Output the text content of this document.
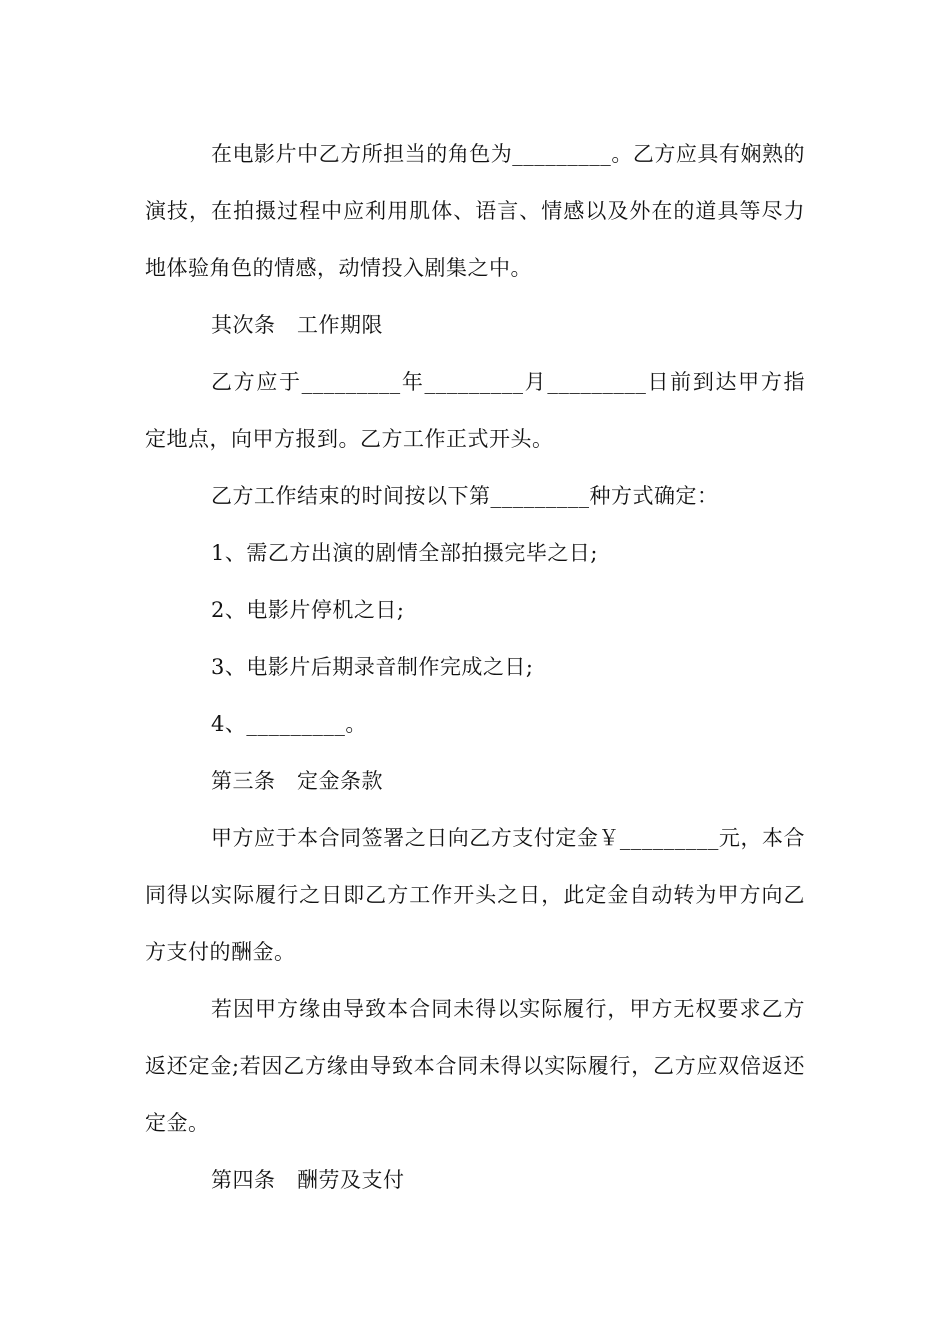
在电影片中乙方所担当的角色为_________。乙方应具有娴熟的演技，在拍摄过程中应利用肌体、语言、情感以及外在的道具等尽力地体验角色的情感，动情投入剧集之中。

其次条　工作期限

乙方应于_________年_________月_________日前到达甲方指定地点，向甲方报到。乙方工作正式开头。

乙方工作结束的时间按以下第_________种方式确定：

1、需乙方出演的剧情全部拍摄完毕之日;

2、电影片停机之日;

3、电影片后期录音制作完成之日;

4、_________。

第三条　定金条款

甲方应于本合同签署之日向乙方支付定金￥_________元，本合同得以实际履行之日即乙方工作开头之日，此定金自动转为甲方向乙方支付的酬金。

若因甲方缘由导致本合同未得以实际履行，甲方无权要求乙方返还定金;若因乙方缘由导致本合同未得以实际履行，乙方应双倍返还定金。

第四条　酬劳及支付
